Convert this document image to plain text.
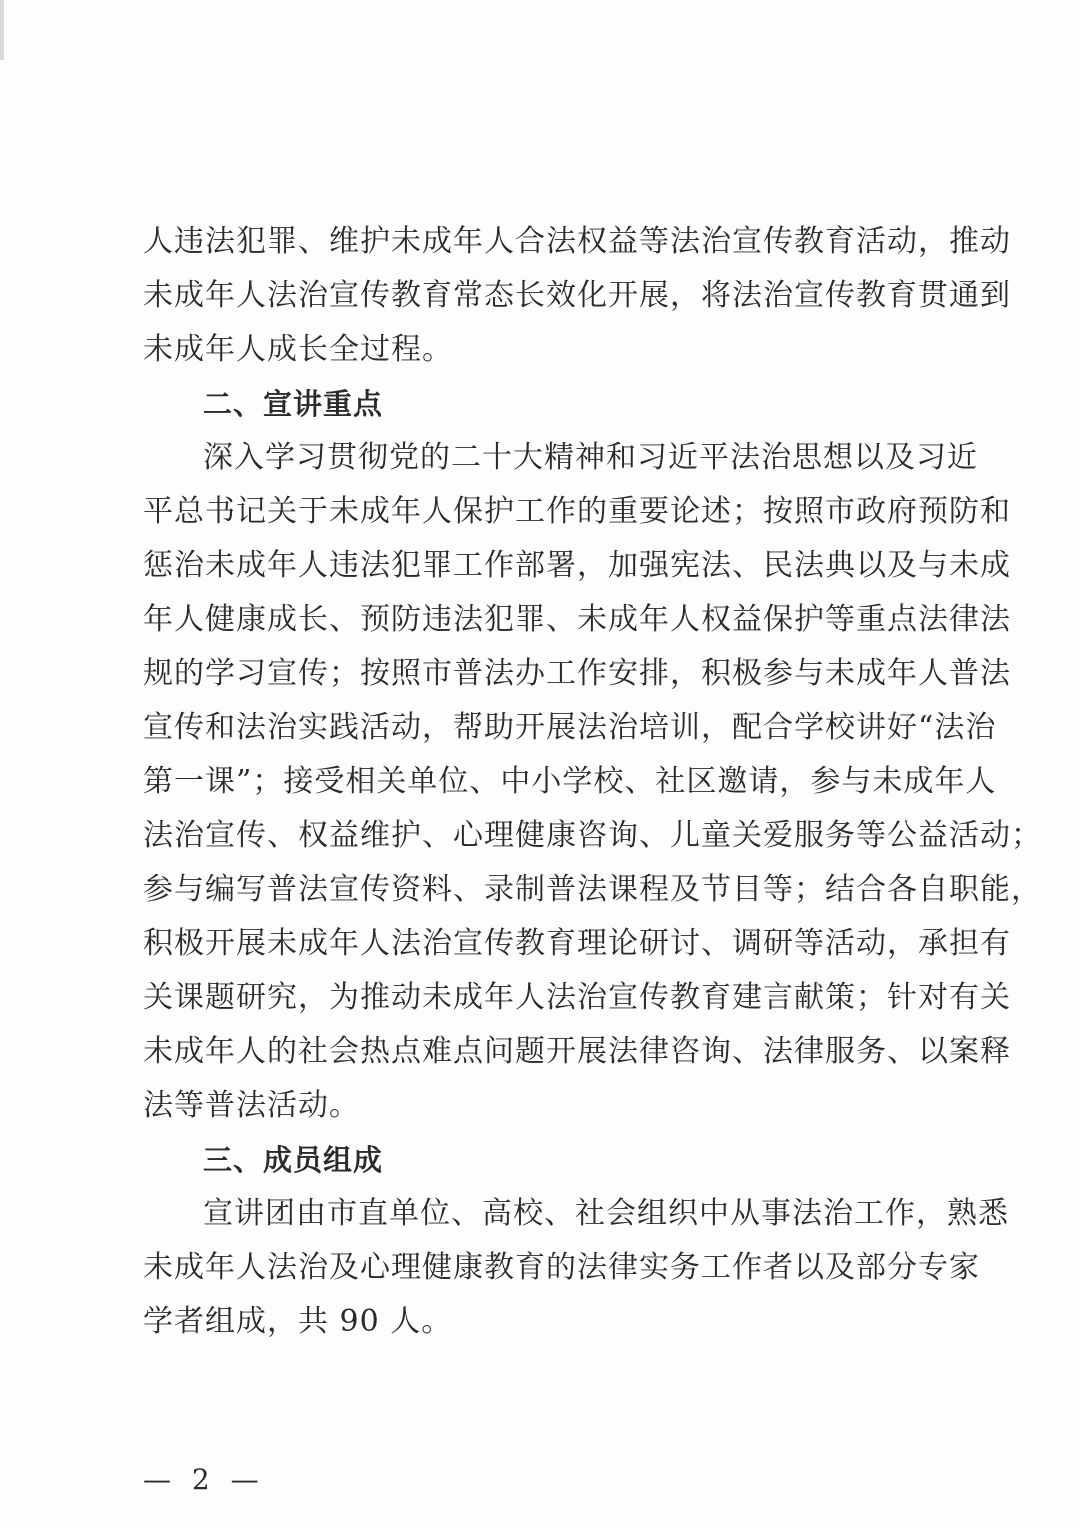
人违法犯罪、维护未成年人合法权益等法治宣传教育活动，推动
未成年人法治宣传教育常态长效化开展，将法治宣传教育贯通到
未成年人成长全过程。
二、宣讲重点
深入学习贯彻党的二十大精神和习近平法治思想以及习近
平总书记关于未成年人保护工作的重要论述；按照市政府预防和
惩治未成年人违法犯罪工作部署，加强宪法、民法典以及与未成
年人健康成长、预防违法犯罪、未成年人权益保护等重点法律法
规的学习宣传；按照市普法办工作安排，积极参与未成年人普法
宣传和法治实践活动，帮助开展法治培训，配合学校讲好“法治
第一课”；接受相关单位、中小学校、社区邀请，参与未成年人
法治宣传、权益维护、心理健康咨询、儿童关爱服务等公益活动；
参与编写普法宣传资料、录制普法课程及节目等；结合各自职能，
积极开展未成年人法治宣传教育理论研讨、调研等活动，承担有
关课题研究，为推动未成年人法治宣传教育建言献策；针对有关
未成年人的社会热点难点问题开展法律咨询、法律服务、以案释
法等普法活动。
三、成员组成
宣讲团由市直单位、高校、社会组织中从事法治工作，熟悉
未成年人法治及心理健康教育的法律实务工作者以及部分专家
学者组成，共 90 人。
— 2 —
